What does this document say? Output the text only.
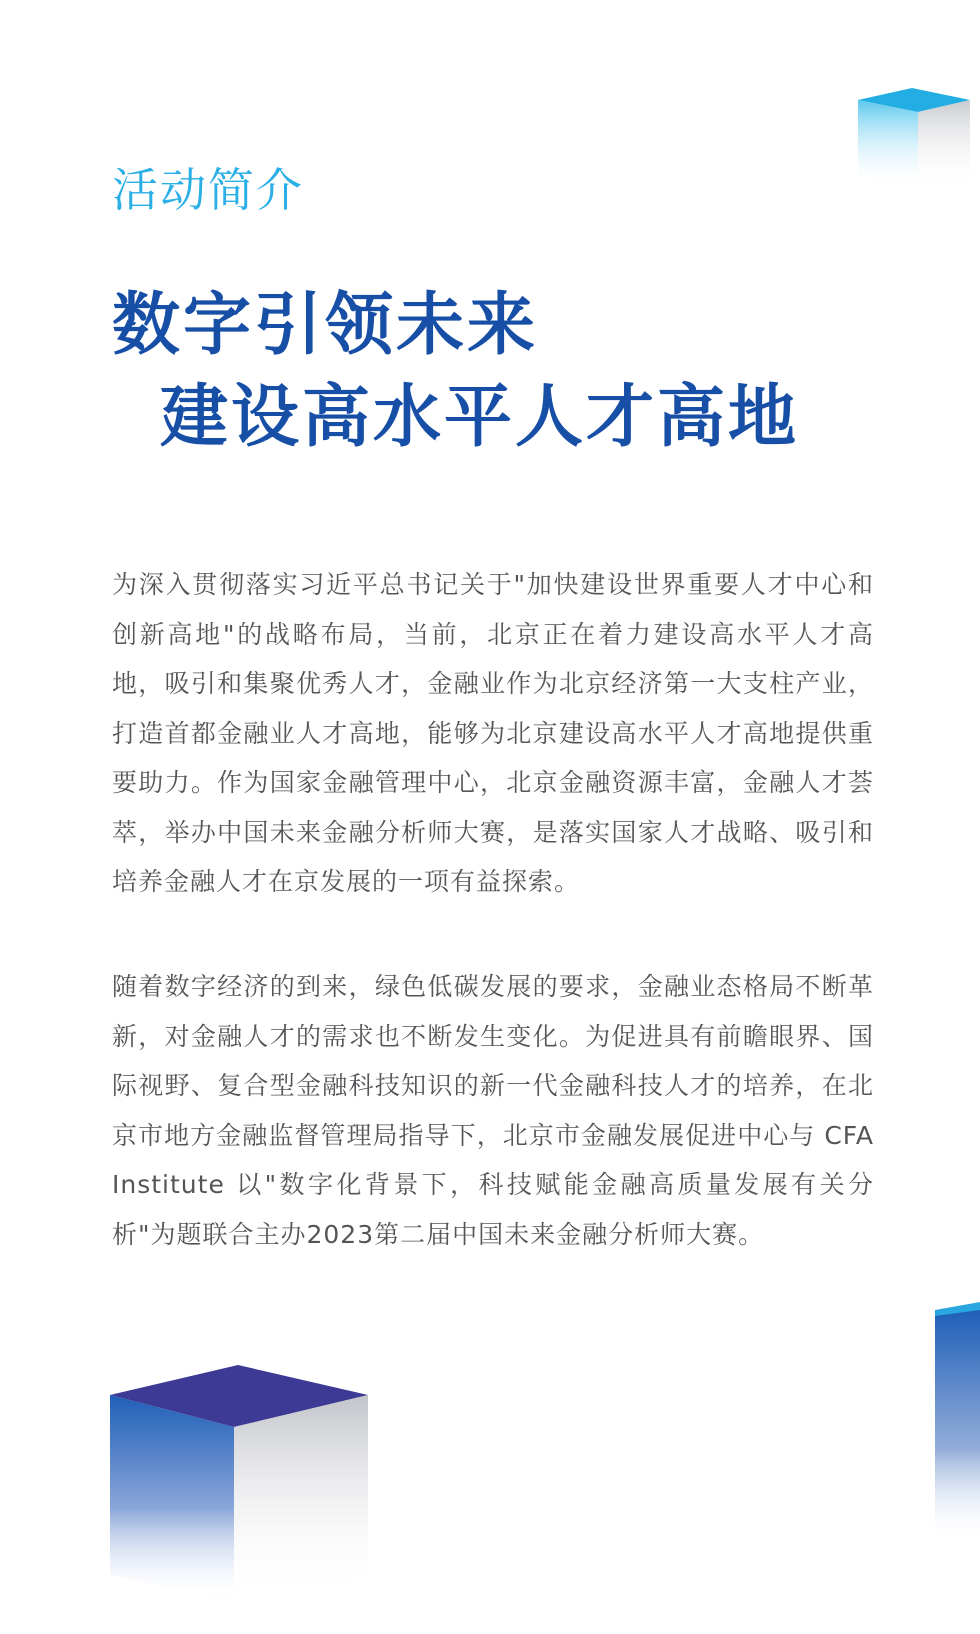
活动简介
数字引领未来
建设高水平人才高地

为深入贯彻落实习近平总书记关于"加快建设世界重要人才中心和创新高地"的战略布局，当前，北京正在着力建设高水平人才高地，吸引和集聚优秀人才，金融业作为北京经济第一大支柱产业，打造首都金融业人才高地，能够为北京建设高水平人才高地提供重要助力。作为国家金融管理中心，北京金融资源丰富，金融人才荟萃，举办中国未来金融分析师大赛，是落实国家人才战略、吸引和培养金融人才在京发展的一项有益探索。

随着数字经济的到来，绿色低碳发展的要求，金融业态格局不断革新，对金融人才的需求也不断发生变化。为促进具有前瞻眼界、国际视野、复合型金融科技知识的新一代金融科技人才的培养，在北京市地方金融监督管理局指导下，北京市金融发展促进中心与 CFA Institute 以"数字化背景下，科技赋能金融高质量发展有关分析"为题联合主办2023第二届中国未来金融分析师大赛。
